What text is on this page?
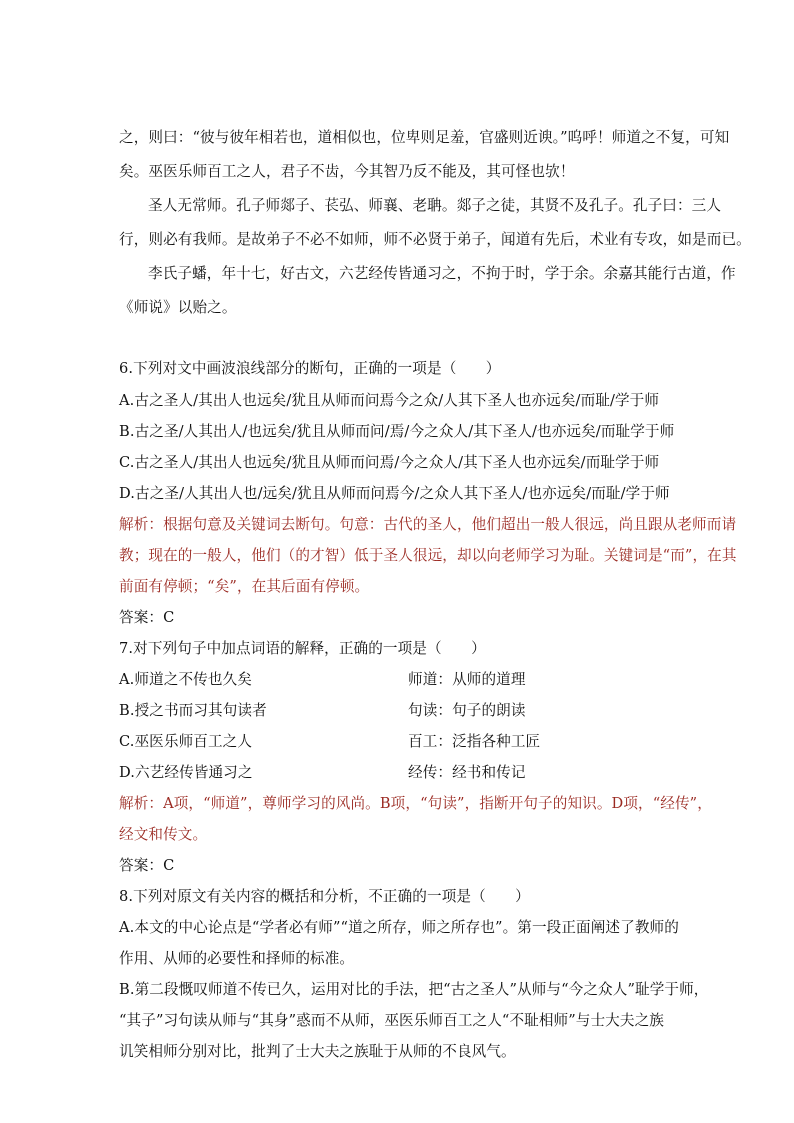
之，则曰：“彼与彼年相若也，道相似也，位卑则足羞，官盛则近谀。”呜呼！师道之不复，可知
矣。巫医乐师百工之人，君子不齿，今其智乃反不能及，其可怪也欤！
圣人无常师。孔子师郯子、苌弘、师襄、老聃。郯子之徒，其贤不及孔子。孔子曰：三人
行，则必有我师。是故弟子不必不如师，师不必贤于弟子，闻道有先后，术业有专攻，如是而已。
李氏子蟠，年十七，好古文，六艺经传皆通习之，不拘于时，学于余。余嘉其能行古道，作
《师说》以贻之。
6.下列对文中画波浪线部分的断句，正确的一项是（　　）
A.古之圣人/其出人也远矣/犹且从师而问焉今之众/人其下圣人也亦远矣/而耻/学于师
B.古之圣/人其出人/也远矣/犹且从师而问/焉/今之众人/其下圣人/也亦远矣/而耻学于师
C.古之圣人/其出人也远矣/犹且从师而问焉/今之众人/其下圣人也亦远矣/而耻学于师
D.古之圣/人其出人也/远矣/犹且从师而问焉今/之众人其下圣人/也亦远矣/而耻/学于师
解析：根据句意及关键词去断句。句意：古代的圣人，他们超出一般人很远，尚且跟从老师而请
教；现在的一般人，他们（的才智）低于圣人很远，却以向老师学习为耻。关键词是“而”，在其
前面有停顿；“矣”，在其后面有停顿。
答案：C
7.对下列句子中加点词语的解释，正确的一项是（　　）
A.师道之不传也久矣	师道：从师的道理
B.授之书而习其句读者	句读：句子的朗读
C.巫医乐师百工之人	百工：泛指各种工匠
D.六艺经传皆通习之	经传：经书和传记
解析：A项，“师道”，尊师学习的风尚。B项，“句读”，指断开句子的知识。D项，“经传”，
经文和传文。
答案：C
8.下列对原文有关内容的概括和分析，不正确的一项是（　　）
A.本文的中心论点是“学者必有师”“道之所存，师之所存也”。第一段正面阐述了教师的
作用、从师的必要性和择师的标准。
B.第二段慨叹师道不传已久，运用对比的手法，把“古之圣人”从师与“今之众人”耻学于师，
“其子”习句读从师与“其身”惑而不从师，巫医乐师百工之人“不耻相师”与士大夫之族
讥笑相师分别对比，批判了士大夫之族耻于从师的不良风气。
